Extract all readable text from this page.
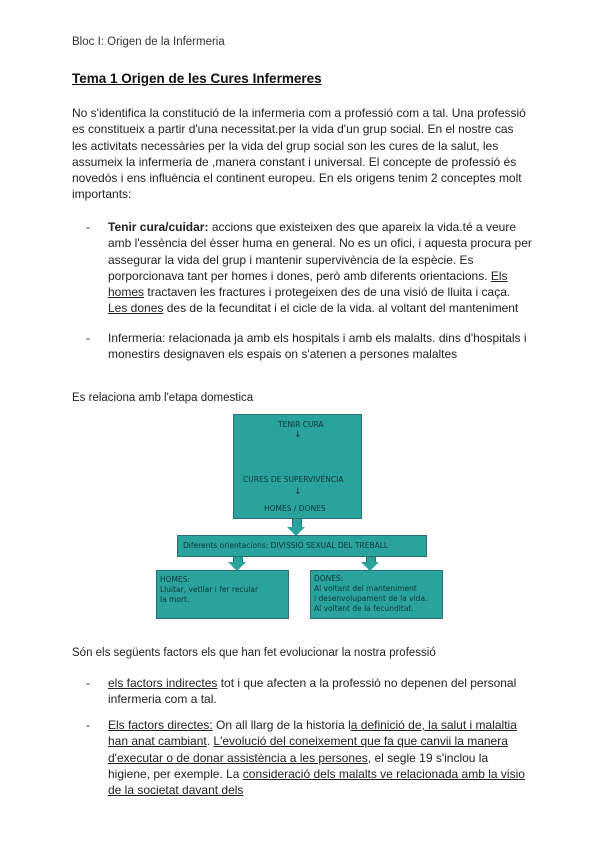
Bloc I: Origen de la Infermeria
Tema 1 Origen de les Cures Infermeres
No s'identifica la constitució de la infermeria com a professió com a tal. Una professió es constitueix a partir d'una necessitat.per la vida d'un grup social. En el nostre cas les activitats necessàries per la vida del grup social son les cures de la salut, les assumeix la infermeria de ,manera constant i universal. El concepte de professió és novedós i ens influència el continent europeu. En els origens tenim 2 conceptes molt importants:
- Tenir cura/cuidar: accions que existeixen des que apareix la vida.té a veure amb l'essència del èsser huma en general. No es un ofici, i aquesta procura per assegurar la vida del grup i mantenir supervivència de la espècie. Es porporcionava tant per homes i dones, però amb diferents orientacions. Els homes tractaven les fractures i protegeixen des de una visió de lluita i caça. Les dones des de la fecunditat i el cicle de la vida. al voltant del manteniment
- Infermeria: relacionada ja amb els hospitals i amb els malalts. dins d'hospitals i monestirs designaven els espais on s'atenen a persones malaltes
Es relaciona amb l'etapa domestica
TENIR CURA
↓
CURES DE SUPERVIVÈNCIA
↓
HOMES / DONES
Diferents orientacions: DIVISSIÓ SEXUAL DEL TREBALL
HOMES:
Lluitar, vetllar i fer recular
la mort.
DONES:
Al voltant del manteniment
i desenvolupament de la vida.
Al voltant de la fecunditat.
Són els següents factors els que han fet evolucionar la nostra professió
- els factors indirectes tot i que afecten a la professió no depenen del personal infermeria com a tal.
- Els factors directes: On all llarg de la historia la definició de, la salut i malaltia han anat cambiant. L'evolució del coneixement que fa que canvii la manera d'executar o de donar assistència a les persones, el segle 19 s'inclou la higiene, per exemple. La consideració dels malalts ve relacionada amb la visio de la societat davant dels
